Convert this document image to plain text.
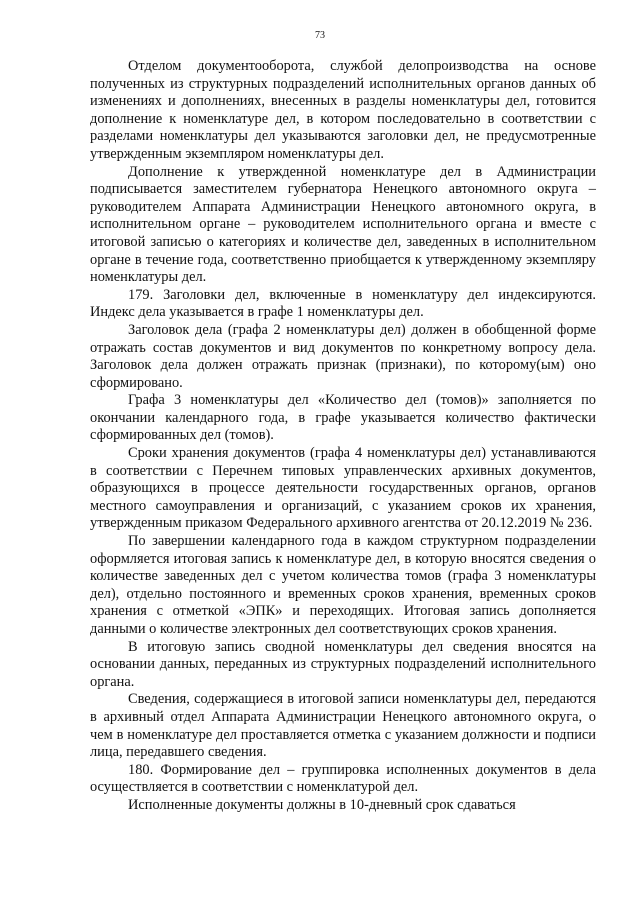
73

Отделом документооборота, службой делопроизводства на основе полученных из структурных подразделений исполнительных органов данных об изменениях и дополнениях, внесенных в разделы номенклатуры дел, готовится дополнение к номенклатуре дел, в котором последовательно в соответствии с разделами номенклатуры дел указываются заголовки дел, не предусмотренные утвержденным экземпляром номенклатуры дел.

Дополнение к утвержденной номенклатуре дел в Администрации подписывается заместителем губернатора Ненецкого автономного округа – руководителем Аппарата Администрации Ненецкого автономного округа, в исполнительном органе – руководителем исполнительного органа и вместе с итоговой записью о категориях и количестве дел, заведенных в исполнительном органе в течение года, соответственно приобщается к утвержденному экземпляру номенклатуры дел.

179. Заголовки дел, включенные в номенклатуру дел индексируются. Индекс дела указывается в графе 1 номенклатуры дел.

Заголовок дела (графа 2 номенклатуры дел) должен в обобщенной форме отражать состав документов и вид документов по конкретному вопросу дела. Заголовок дела должен отражать признак (признаки), по которому(ым) оно сформировано.

Графа 3 номенклатуры дел «Количество дел (томов)» заполняется по окончании календарного года, в графе указывается количество фактически сформированных дел (томов).

Сроки хранения документов (графа 4 номенклатуры дел) устанавливаются в соответствии с Перечнем типовых управленческих архивных документов, образующихся в процессе деятельности государственных органов, органов местного самоуправления и организаций, с указанием сроков их хранения, утвержденным приказом Федерального архивного агентства от 20.12.2019 № 236.

По завершении календарного года в каждом структурном подразделении оформляется итоговая запись к номенклатуре дел, в которую вносятся сведения о количестве заведенных дел с учетом количества томов (графа 3 номенклатуры дел), отдельно постоянного и временных сроков хранения, временных сроков хранения с отметкой «ЭПК» и переходящих. Итоговая запись дополняется данными о количестве электронных дел соответствующих сроков хранения.

В итоговую запись сводной номенклатуры дел сведения вносятся на основании данных, переданных из структурных подразделений исполнительного органа.

Сведения, содержащиеся в итоговой записи номенклатуры дел, передаются в архивный отдел Аппарата Администрации Ненецкого автономного округа, о чем в номенклатуре дел проставляется отметка с указанием должности и подписи лица, передавшего сведения.

180. Формирование дел – группировка исполненных документов в дела осуществляется в соответствии с номенклатурой дел.

Исполненные документы должны в 10-дневный срок сдаваться
